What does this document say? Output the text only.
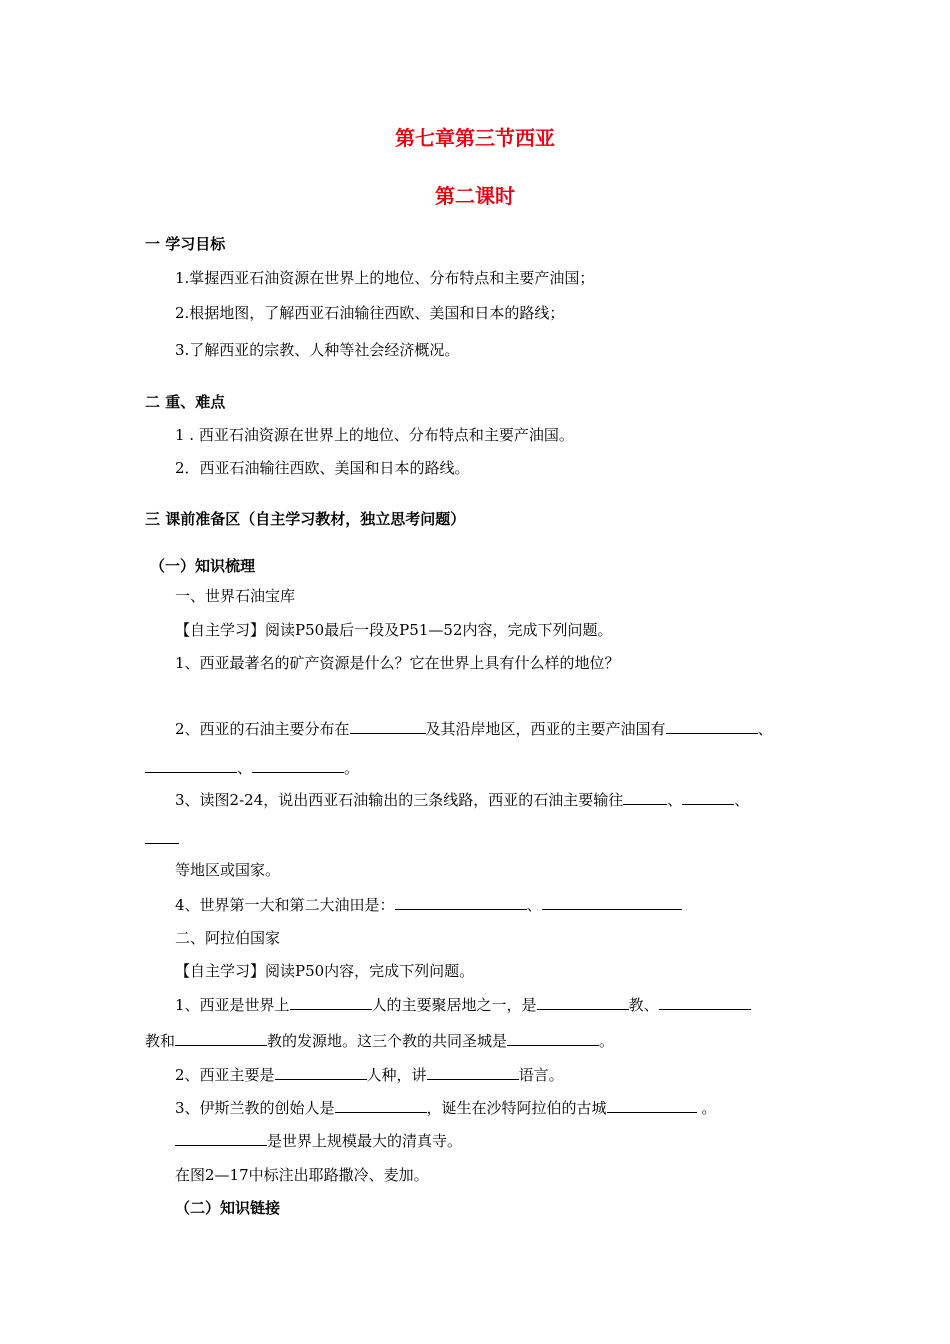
第七章第三节西亚
第二课时
一 学习目标
1.掌握西亚石油资源在世界上的地位、分布特点和主要产油国；
2.根据地图，了解西亚石油输往西欧、美国和日本的路线；
3.了解西亚的宗教、人种等社会经济概况。
二 重、难点
1 . 西亚石油资源在世界上的地位、分布特点和主要产油国。
2．西亚石油输往西欧、美国和日本的路线。
三 课前准备区（自主学习教材，独立思考问题）
（一）知识梳理
一、世界石油宝库
【自主学习】阅读P50最后一段及P51—52内容，完成下列问题。
1、西亚最著名的矿产资源是什么？它在世界上具有什么样的地位？
2、西亚的石油主要分布在	及其沿岸地区，西亚的主要产油国有	、
、	。
3、读图2-24，说出西亚石油输出的三条线路，西亚的石油主要输往	、	、
等地区或国家。
4、世界第一大和第二大油田是：	、
二、阿拉伯国家
【自主学习】阅读P50内容，完成下列问题。
1、西亚是世界上	人的主要聚居地之一，是	教、
教和	教的发源地。这三个教的共同圣城是	。
2、西亚主要是	人种，讲	语言。
3、伊斯兰教的创始人是	，诞生在沙特阿拉伯的古城	。
是世界上规模最大的清真寺。
在图2—17中标注出耶路撒冷、麦加。
（二）知识链接
